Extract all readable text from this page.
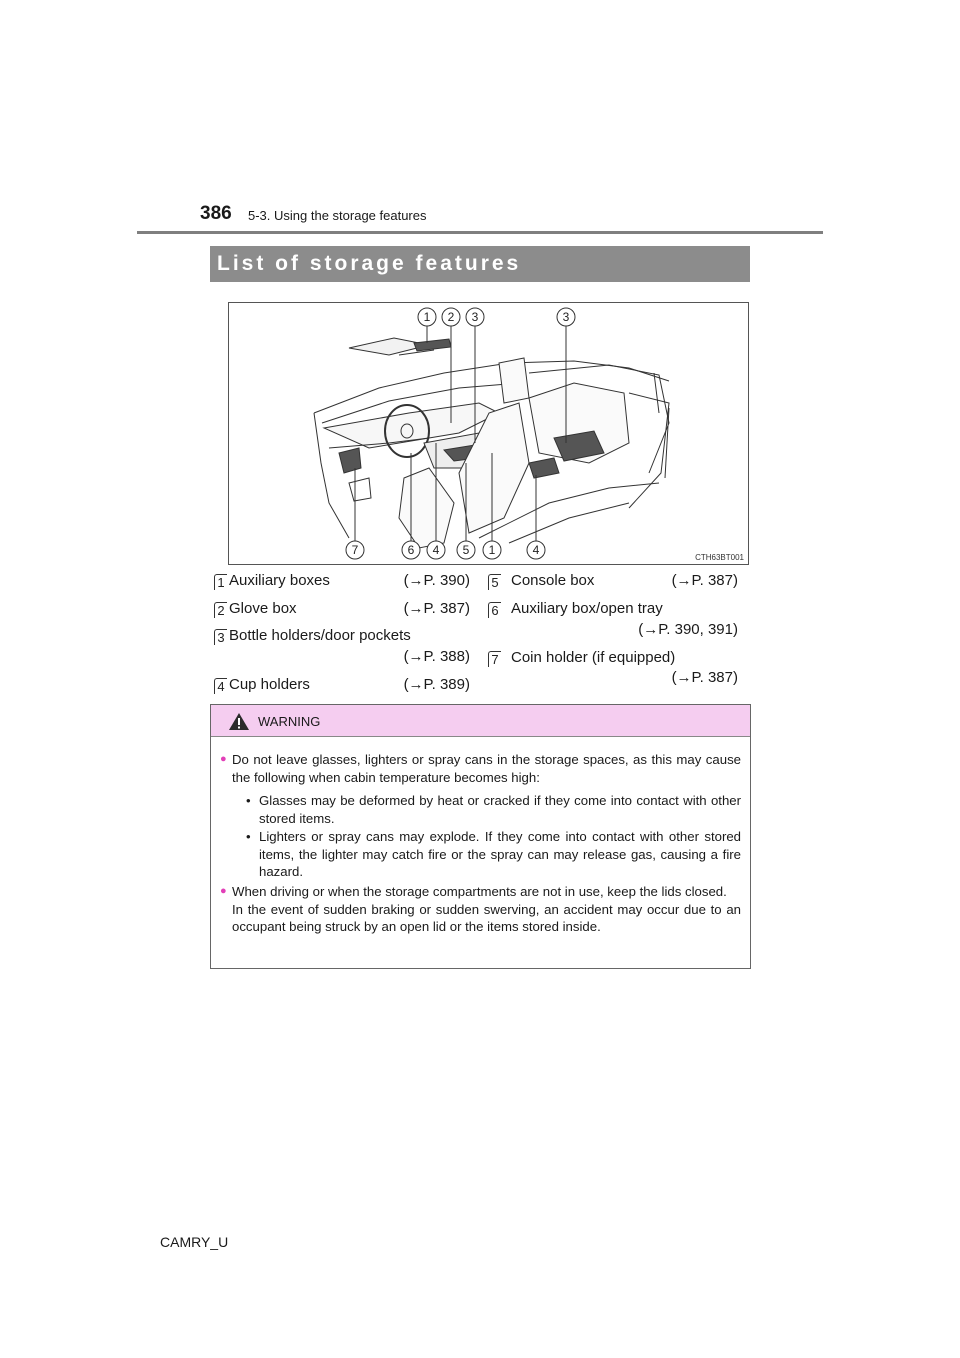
386 5-3. Using the storage features
List of storage features
1 2 3	3
7	6 4 5 1	4
CTH63BT001
1 Auxiliary boxes	(→P. 390)
2 Glove box	(→P. 387)
3 Bottle holders/door pockets
(→P. 388)
4 Cup holders	(→P. 389)
5 Console box	(→P. 387)
6 Auxiliary box/open tray
(→P. 390, 391)
7 Coin holder (if equipped)
(→P. 387)
WARNING
● Do not leave glasses, lighters or spray cans in the storage spaces, as this may cause the following when cabin temperature becomes high:
• Glasses may be deformed by heat or cracked if they come into contact with other stored items.
• Lighters or spray cans may explode. If they come into contact with other stored items, the lighter may catch fire or the spray can may release gas, causing a fire hazard.
● When driving or when the storage compartments are not in use, keep the lids closed.
In the event of sudden braking or sudden swerving, an accident may occur due to an occupant being struck by an open lid or the items stored inside.
CAMRY_U
